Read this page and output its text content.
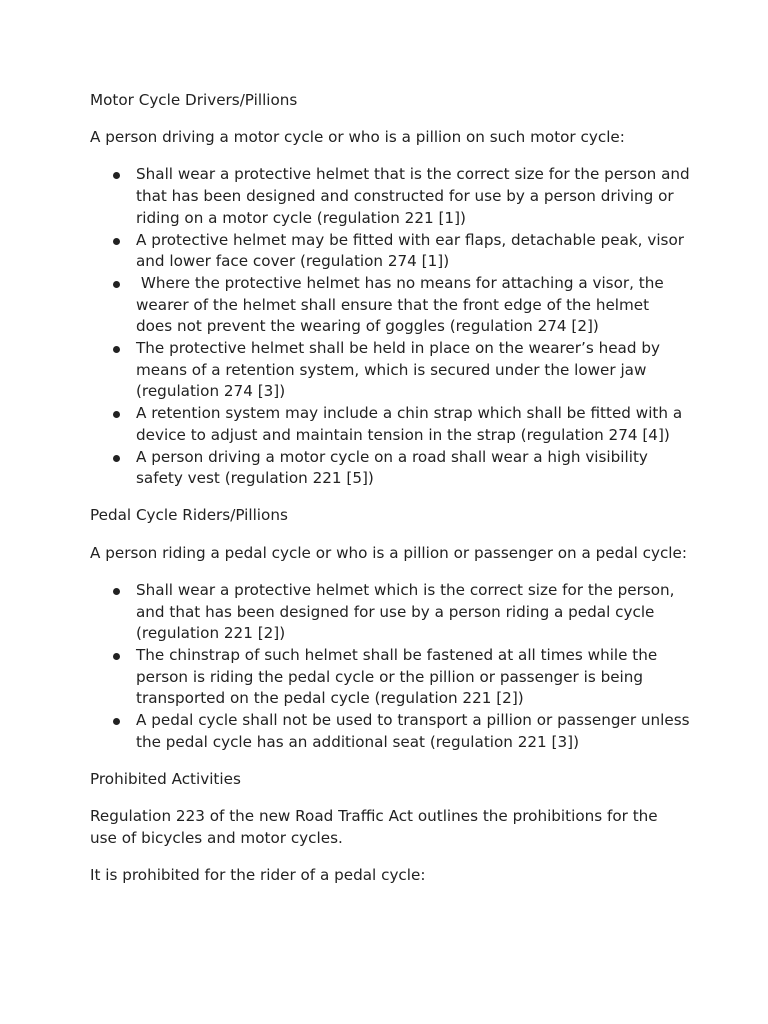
Motor Cycle Drivers/Pillions

A person driving a motor cycle or who is a pillion on such motor cycle:

Shall wear a protective helmet that is the correct size for the person and
that has been designed and constructed for use by a person driving or
riding on a motor cycle (regulation 221 [1])
A protective helmet may be fitted with ear flaps, detachable peak, visor
and lower face cover (regulation 274 [1])
Where the protective helmet has no means for attaching a visor, the
wearer of the helmet shall ensure that the front edge of the helmet
does not prevent the wearing of goggles (regulation 274 [2])
The protective helmet shall be held in place on the wearer’s head by
means of a retention system, which is secured under the lower jaw
(regulation 274 [3])
A retention system may include a chin strap which shall be fitted with a
device to adjust and maintain tension in the strap (regulation 274 [4])
A person driving a motor cycle on a road shall wear a high visibility
safety vest (regulation 221 [5])

Pedal Cycle Riders/Pillions

A person riding a pedal cycle or who is a pillion or passenger on a pedal cycle:

Shall wear a protective helmet which is the correct size for the person,
and that has been designed for use by a person riding a pedal cycle
(regulation 221 [2])
The chinstrap of such helmet shall be fastened at all times while the
person is riding the pedal cycle or the pillion or passenger is being
transported on the pedal cycle (regulation 221 [2])
A pedal cycle shall not be used to transport a pillion or passenger unless
the pedal cycle has an additional seat (regulation 221 [3])

Prohibited Activities

Regulation 223 of the new Road Traffic Act outlines the prohibitions for the
use of bicycles and motor cycles.

It is prohibited for the rider of a pedal cycle:
